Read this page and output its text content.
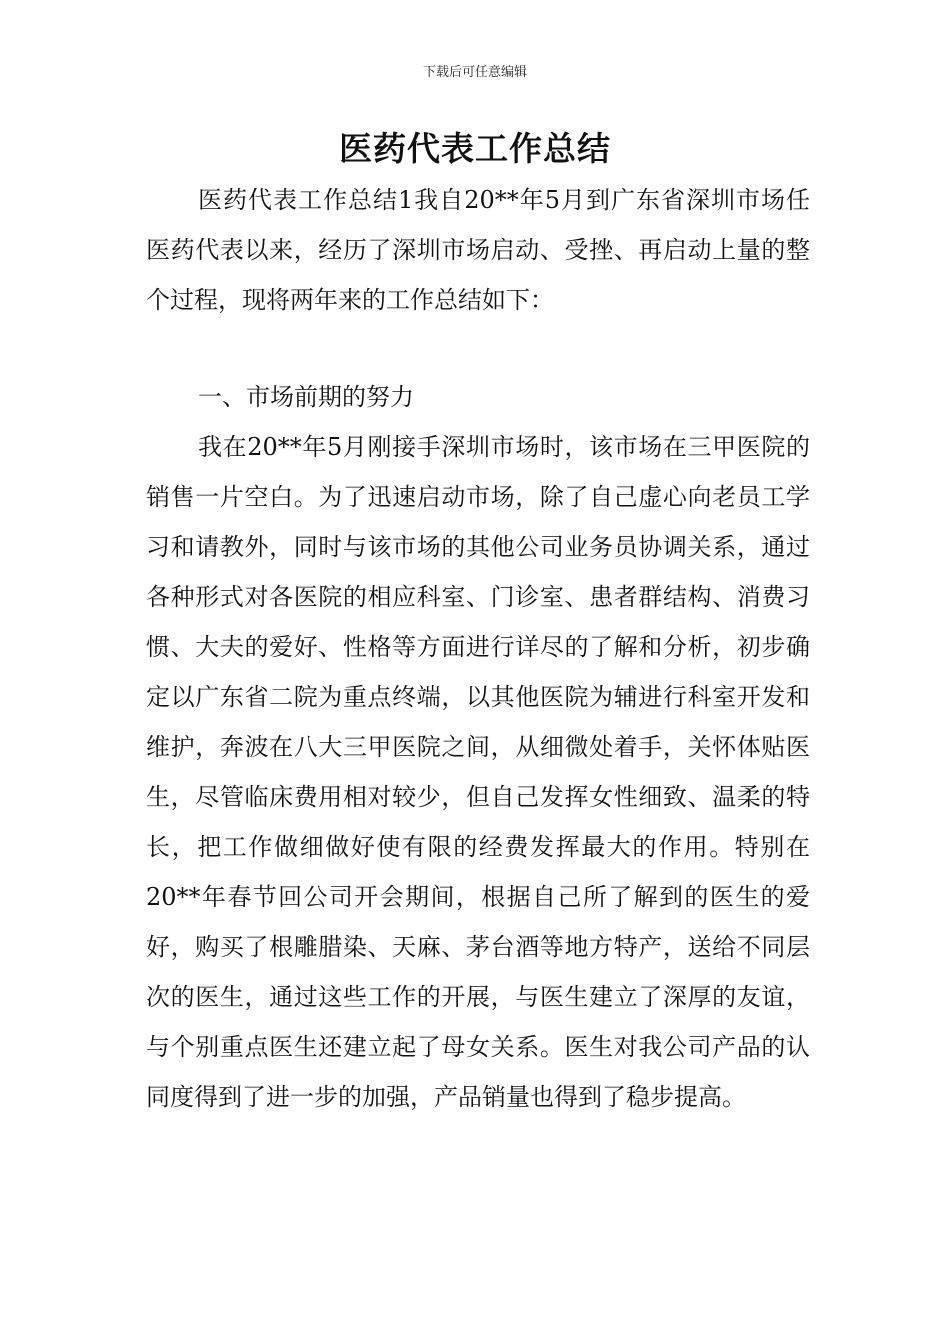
下载后可任意编辑
医药代表工作总结

医药代表工作总结1我自20**年5月到广东省深圳市场任医药代表以来，经历了深圳市场启动、受挫、再启动上量的整个过程，现将两年来的工作总结如下：

一、市场前期的努力

我在20**年5月刚接手深圳市场时，该市场在三甲医院的销售一片空白。为了迅速启动市场，除了自己虚心向老员工学习和请教外，同时与该市场的其他公司业务员协调关系，通过各种形式对各医院的相应科室、门诊室、患者群结构、消费习惯、大夫的爱好、性格等方面进行详尽的了解和分析，初步确定以广东省二院为重点终端，以其他医院为辅进行科室开发和维护，奔波在八大三甲医院之间，从细微处着手，关怀体贴医生，尽管临床费用相对较少，但自己发挥女性细致、温柔的特长，把工作做细做好使有限的经费发挥最大的作用。特别在20**年春节回公司开会期间，根据自己所了解到的医生的爱好，购买了根雕腊染、天麻、茅台酒等地方特产，送给不同层次的医生，通过这些工作的开展，与医生建立了深厚的友谊，与个别重点医生还建立起了母女关系。医生对我公司产品的认同度得到了进一步的加强，产品销量也得到了稳步提高。
